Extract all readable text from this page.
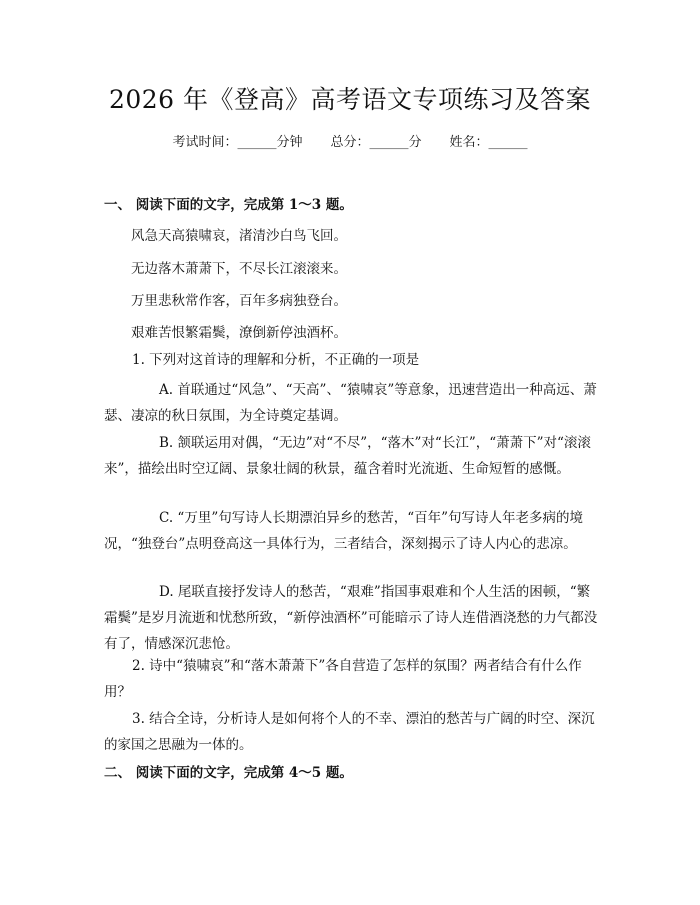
2026 年《登高》高考语文专项练习及答案
考试时间：______分钟 总分：______分 姓名：______
一、 阅读下面的文字，完成第 1～3 题。
风急天高猿啸哀，渚清沙白鸟飞回。
无边落木萧萧下，不尽长江滚滚来。
万里悲秋常作客，百年多病独登台。
艰难苦恨繁霜鬓，潦倒新停浊酒杯。
1. 下列对这首诗的理解和分析，不正确的一项是
A. 首联通过“风急”、“天高”、“猿啸哀”等意象，迅速营造出一种高远、萧瑟、凄凉的秋日氛围，为全诗奠定基调。
B. 颔联运用对偶，“无边”对“不尽”，“落木”对“长江”，“萧萧下”对“滚滚来”，描绘出时空辽阔、景象壮阔的秋景，蕴含着时光流逝、生命短暂的感慨。
C. “万里”句写诗人长期漂泊异乡的愁苦，“百年”句写诗人年老多病的境况，“独登台”点明登高这一具体行为，三者结合，深刻揭示了诗人内心的悲凉。
D. 尾联直接抒发诗人的愁苦，“艰难”指国事艰难和个人生活的困顿，“繁霜鬓”是岁月流逝和忧愁所致，“新停浊酒杯”可能暗示了诗人连借酒浇愁的力气都没有了，情感深沉悲怆。
2. 诗中“猿啸哀”和“落木萧萧下”各自营造了怎样的氛围？两者结合有什么作用？
3. 结合全诗，分析诗人是如何将个人的不幸、漂泊的愁苦与广阔的时空、深沉的家国之思融为一体的。
二、 阅读下面的文字，完成第 4～5 题。
